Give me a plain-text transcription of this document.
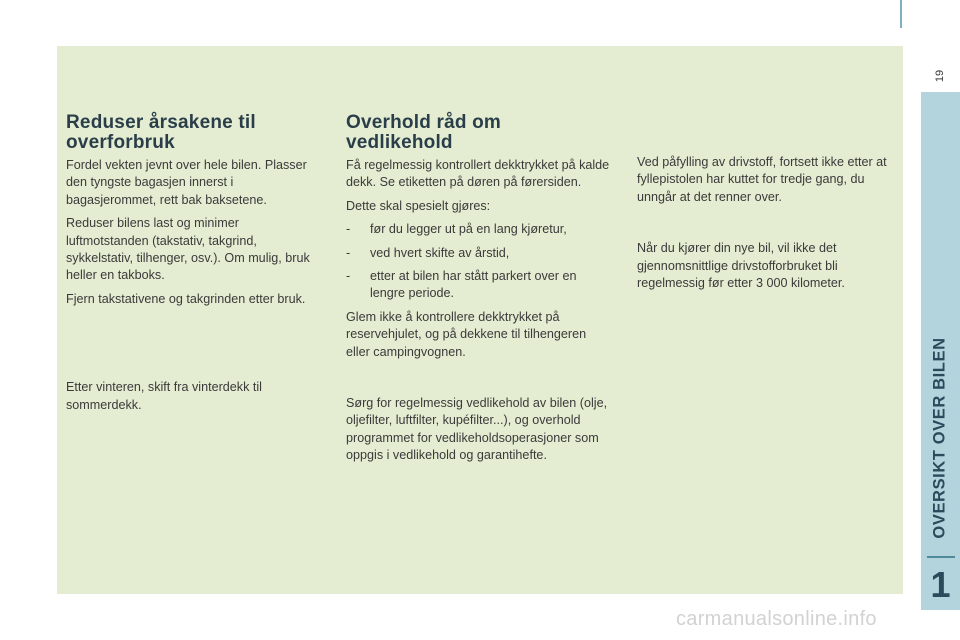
Reduser årsakene til overforbruk

Fordel vekten jevnt over hele bilen. Plasser den tyngste bagasjen innerst i bagasjerommet, rett bak baksetene.

Reduser bilens last og minimer luftmotstanden (takstativ, takgrind, sykkelstativ, tilhenger, osv.). Om mulig, bruk heller en takboks.

Fjern takstativene og takgrinden etter bruk.

Etter vinteren, skift fra vinterdekk til sommerdekk.

Overhold råd om vedlikehold

Få regelmessig kontrollert dekktrykket på kalde dekk. Se etiketten på døren på førersiden.

Dette skal spesielt gjøres:

-	før du legger ut på en lang kjøretur,
-	ved hvert skifte av årstid,
-	etter at bilen har stått parkert over en lengre periode.

Glem ikke å kontrollere dekktrykket på reservehjulet, og på dekkene til tilhengeren eller campingvognen.

Sørg for regelmessig vedlikehold av bilen (olje, oljefilter, luftfilter, kupéfilter...), og overhold programmet for vedlikeholdsoperasjoner som oppgis i vedlikehold og garantihefte.

Ved påfylling av drivstoff, fortsett ikke etter at fyllepistolen har kuttet for tredje gang, du unngår at det renner over.

Når du kjører din nye bil, vil ikke det gjennomsnittlige drivstofforbruket bli regelmessig før etter 3 000 kilometer.

19
OVERSIKT OVER BILEN
1
carmanualsonline.info
